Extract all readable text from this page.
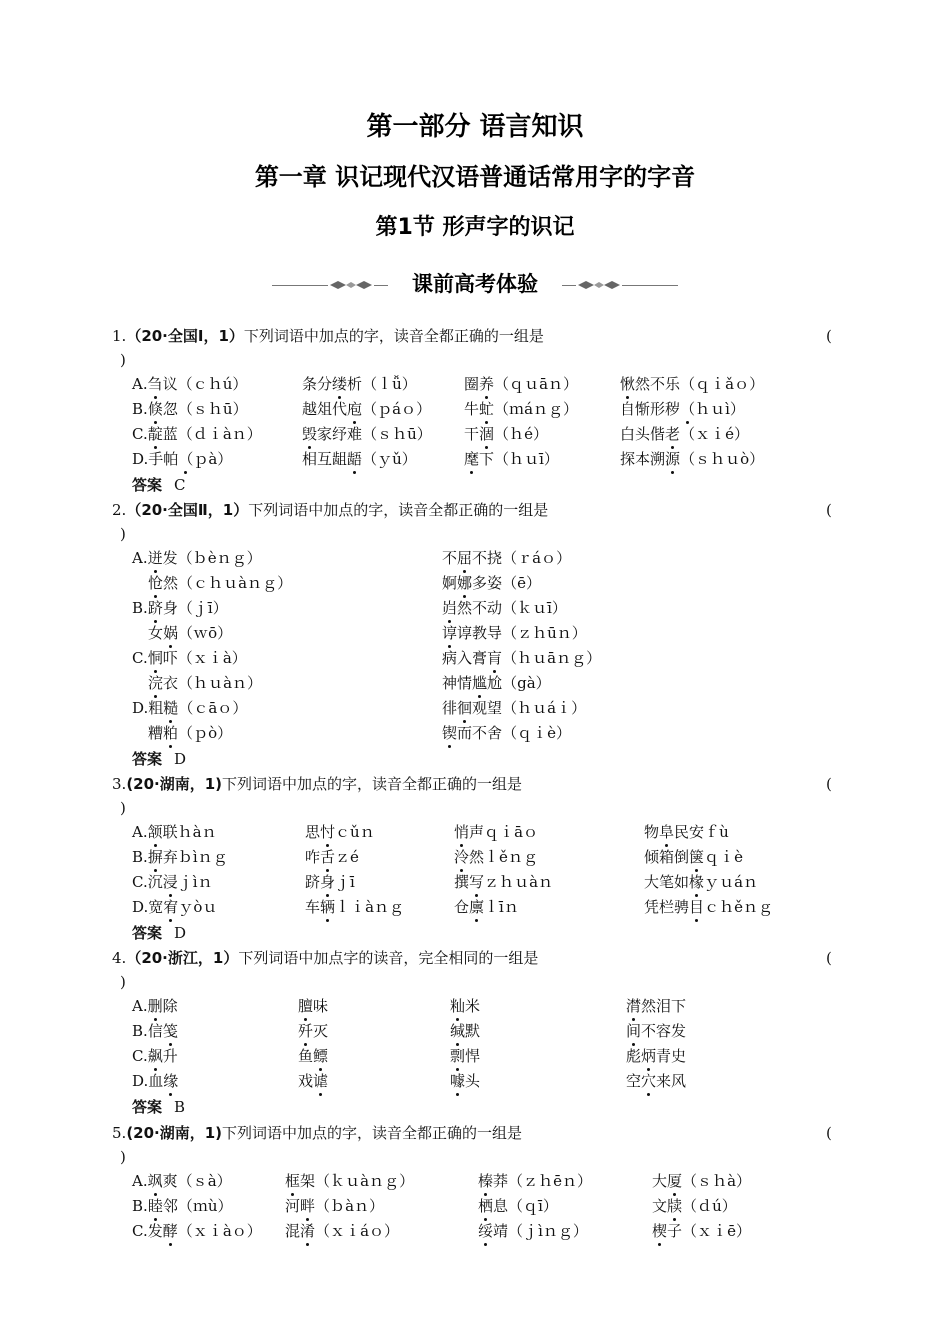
第一部分 语言知识
第一章 识记现代汉语普通话常用字的字音
第1节 形声字的识记
课前高考体验
1.（20·全国Ⅰ，1）下列词语中加点的字，读音全都正确的一组是	(
)
A.刍议（ｃｈú）	条分缕析（ｌǚ）	圈养（ｑｕāｎ）	愀然不乐（ｑｉǎｏ）
B.倏忽（ｓｈū）	越俎代庖（ｐáｏ） 牛虻（ｍáｎｇ）	自惭形秽（ｈｕì）
C.靛蓝（ｄｉàｎ）	毁家纾难（ｓｈū） 干涸（ｈé）	白头偕老（ｘｉé）
D.手帕（ｐà）	相互龃龉（ｙǔ）	麾下（ｈｕī）	探本溯源（ｓｈｕò）
答案 C
2.（20·全国Ⅱ，1）下列词语中加点的字，读音全都正确的一组是	(
)
A.迸发（ｂèｎｇ）	不屈不挠（ｒáｏ）
怆然（ｃｈｕàｎｇ）	婀娜多姿（ē）
B.跻身（ｊī）	岿然不动（ｋｕī）
女娲（ｗō）	谆谆教导（ｚｈūｎ）
C.恫吓（ｘｉà）	病入膏肓（ｈｕāｎｇ）
浣衣（ｈｕàｎ）	神情尴尬（gà）
D.粗糙（ｃāｏ）	徘徊观望（ｈｕáｉ）
糟粕（ｐò）	锲而不舍（ｑｉè）
答案 D
3.(20·湖南，1)下列词语中加点的字，读音全都正确的一组是	(
)
A.颔联ｈàｎ	思忖ｃǔｎ	悄声ｑｉāｏ	物阜民安ｆù
B.摒弃ｂìｎｇ	咋舌ｚé	泠然ｌěｎｇ	倾箱倒箧ｑｉè
C.沉浸ｊìｎ	跻身ｊī	撰写ｚｈｕàｎ	大笔如椽ｙｕáｎ
D.宽宥ｙòｕ	车辆ｌｉàｎｇ	仓廪ｌīｎ	凭栏骋目ｃｈěｎｇ
答案 D
4.（20·浙江，1）下列词语中加点字的读音，完全相同的一组是	(
)
A.删除	膻味	籼米	潸然泪下
B.信笺	歼灭	缄默	间不容发
C.飙升	鱼鳔	剽悍	彪炳青史
D.血缘	戏谑	噱头	空穴来风
答案 B
5.(20·湖南，1)下列词语中加点的字，读音全都正确的一组是	(
)
A.飒爽（ｓà）	框架（ｋｕàｎｇ）	榛莽（ｚｈēｎ）	大厦（ｓｈà）
B.睦邻（ｍù）	河畔（ｂàｎ）	栖息（ｑī）	文牍（ｄú）
C.发酵（ｘｉàｏ） 混淆（ｘｉáｏ）	绥靖（ｊìｎｇ）	楔子（ｘｉē）
